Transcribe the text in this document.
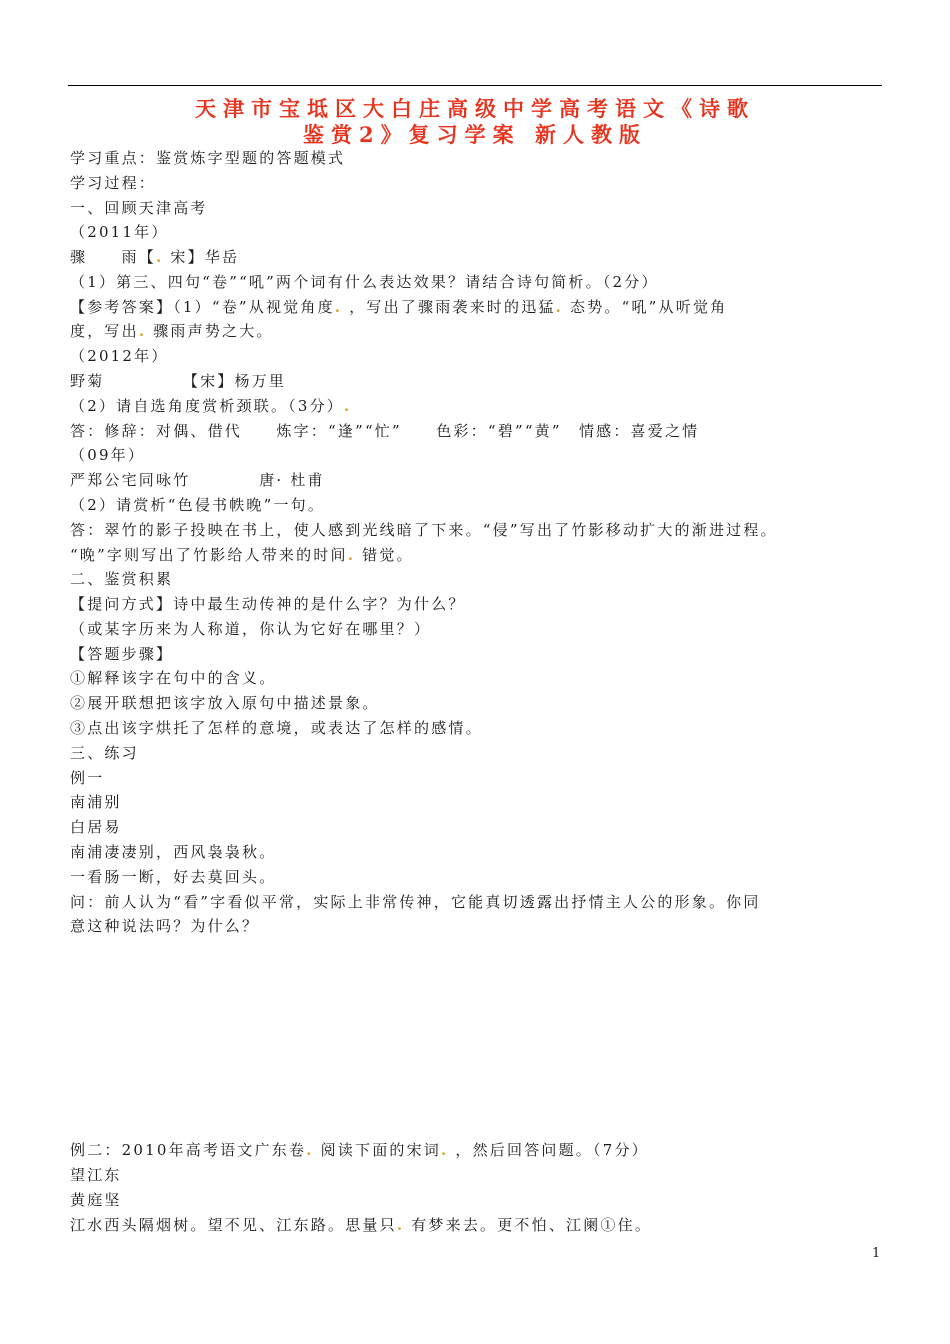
天津市宝坻区大白庄高级中学高考语文《诗歌
鉴赏2》复习学案 新人教版
学习重点：鉴赏炼字型题的答题模式
学习过程：
一、回顾天津高考
（2011年）
骤　　雨【. 宋】华岳
（1）第三、四句“卷”“吼”两个词有什么表达效果？请结合诗句简析。（2分）
【参考答案】（1）“卷”从视觉角度. ，写出了骤雨袭来时的迅猛. 态势。“吼”从听觉角
度，写出. 骤雨声势之大。
（2012年）
野菊　　　　　【宋】杨万里
（2）请自选角度赏析颈联。（3分）.
答：修辞：对偶、借代　　炼字：“逢”“忙”　　色彩：“碧”“黄”　情感：喜爱之情
（09年）
严郑公宅同咏竹　　　　唐· 杜甫
（2）请赏析“色侵书帙晚”一句。
答：翠竹的影子投映在书上，使人感到光线暗了下来。“侵”写出了竹影移动扩大的渐进过程。
“晚”字则写出了竹影给人带来的时间. 错觉。
二、鉴赏积累
【提问方式】诗中最生动传神的是什么字？为什么？
（或某字历来为人称道，你认为它好在哪里？）
【答题步骤】
①解释该字在句中的含义。
②展开联想把该字放入原句中描述景象。
③点出该字烘托了怎样的意境，或表达了怎样的感情。
三、练习
例一
南浦别
白居易
南浦凄凄别，西风袅袅秋。
一看肠一断，好去莫回头。
问：前人认为“看”字看似平常，实际上非常传神，它能真切透露出抒情主人公的形象。你同
意这种说法吗？为什么？
例二：2010年高考语文广东卷. 阅读下面的宋词. ，然后回答问题。（7分）
望江东
黄庭坚
江水西头隔烟树。望不见、江东路。思量只. 有梦来去。更不怕、江阑①住。
1
